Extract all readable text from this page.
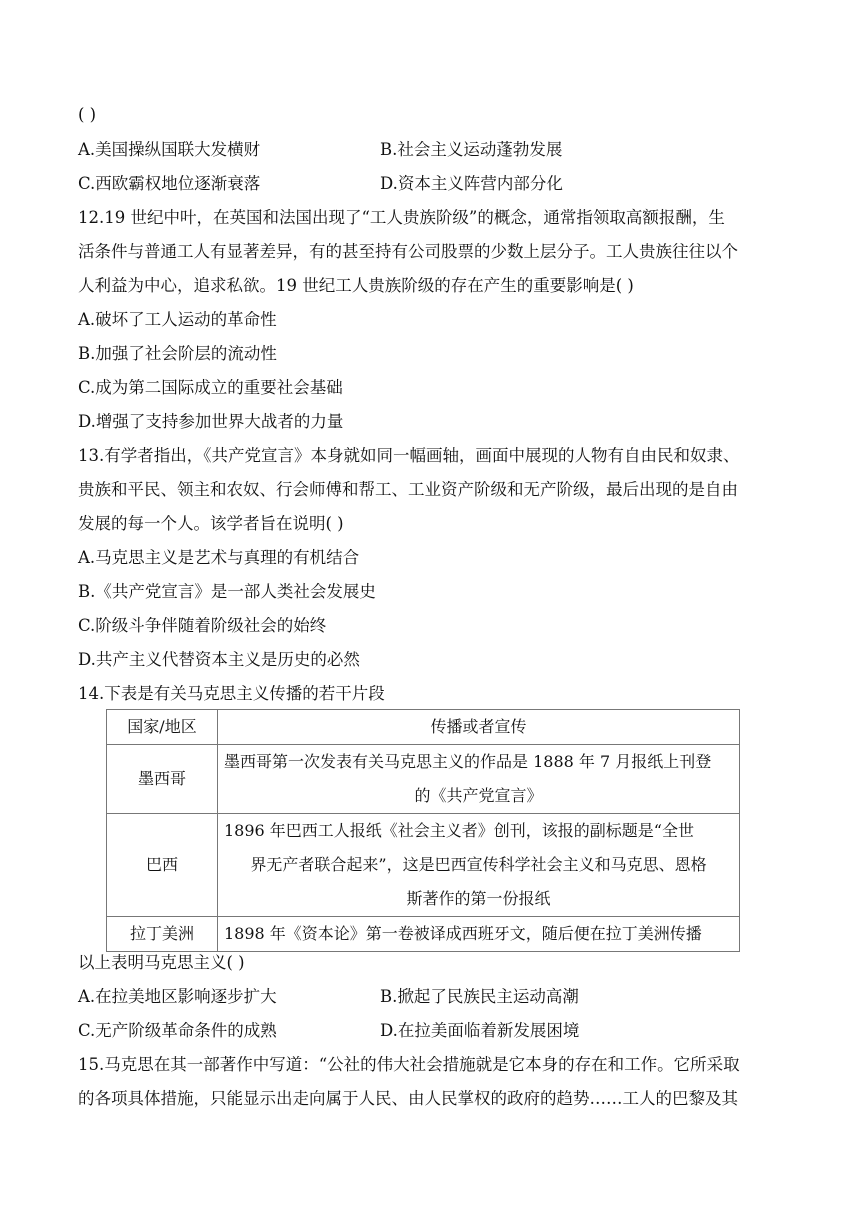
( )
A.美国操纵国联大发横财	B.社会主义运动蓬勃发展
C.西欧霸权地位逐渐衰落	D.资本主义阵营内部分化
12.19 世纪中叶，在英国和法国出现了“工人贵族阶级”的概念，通常指领取高额报酬，生
活条件与普通工人有显著差异，有的甚至持有公司股票的少数上层分子。工人贵族往往以个
人利益为中心，追求私欲。19 世纪工人贵族阶级的存在产生的重要影响是( )
A.破坏了工人运动的革命性
B.加强了社会阶层的流动性
C.成为第二国际成立的重要社会基础
D.增强了支持参加世界大战者的力量
13.有学者指出，《共产党宣言》本身就如同一幅画轴，画面中展现的人物有自由民和奴隶、
贵族和平民、领主和农奴、行会师傅和帮工、工业资产阶级和无产阶级，最后出现的是自由
发展的每一个人。该学者旨在说明( )
A.马克思主义是艺术与真理的有机结合
B.《共产党宣言》是一部人类社会发展史
C.阶级斗争伴随着阶级社会的始终
D.共产主义代替资本主义是历史的必然
14.下表是有关马克思主义传播的若干片段
国家/地区	传播或者宣传
墨西哥	墨西哥第一次发表有关马克思主义的作品是 1888 年 7 月报纸上刊登
的《共产党宣言》

巴西	1896 年巴西工人报纸《社会主义者》创刊，该报的副标题是“全世
界无产者联合起来”，这是巴西宣传科学社会主义和马克思、恩格
斯著作的第一份报纸

拉丁美洲	1898 年《资本论》第一卷被译成西班牙文，随后便在拉丁美洲传播
以上表明马克思主义( )
A.在拉美地区影响逐步扩大	B.掀起了民族民主运动高潮
C.无产阶级革命条件的成熟	D.在拉美面临着新发展困境
15.马克思在其一部著作中写道：“公社的伟大社会措施就是它本身的存在和工作。它所采取
的各项具体措施，只能显示出走向属于人民、由人民掌权的政府的趋势……工人的巴黎及其
